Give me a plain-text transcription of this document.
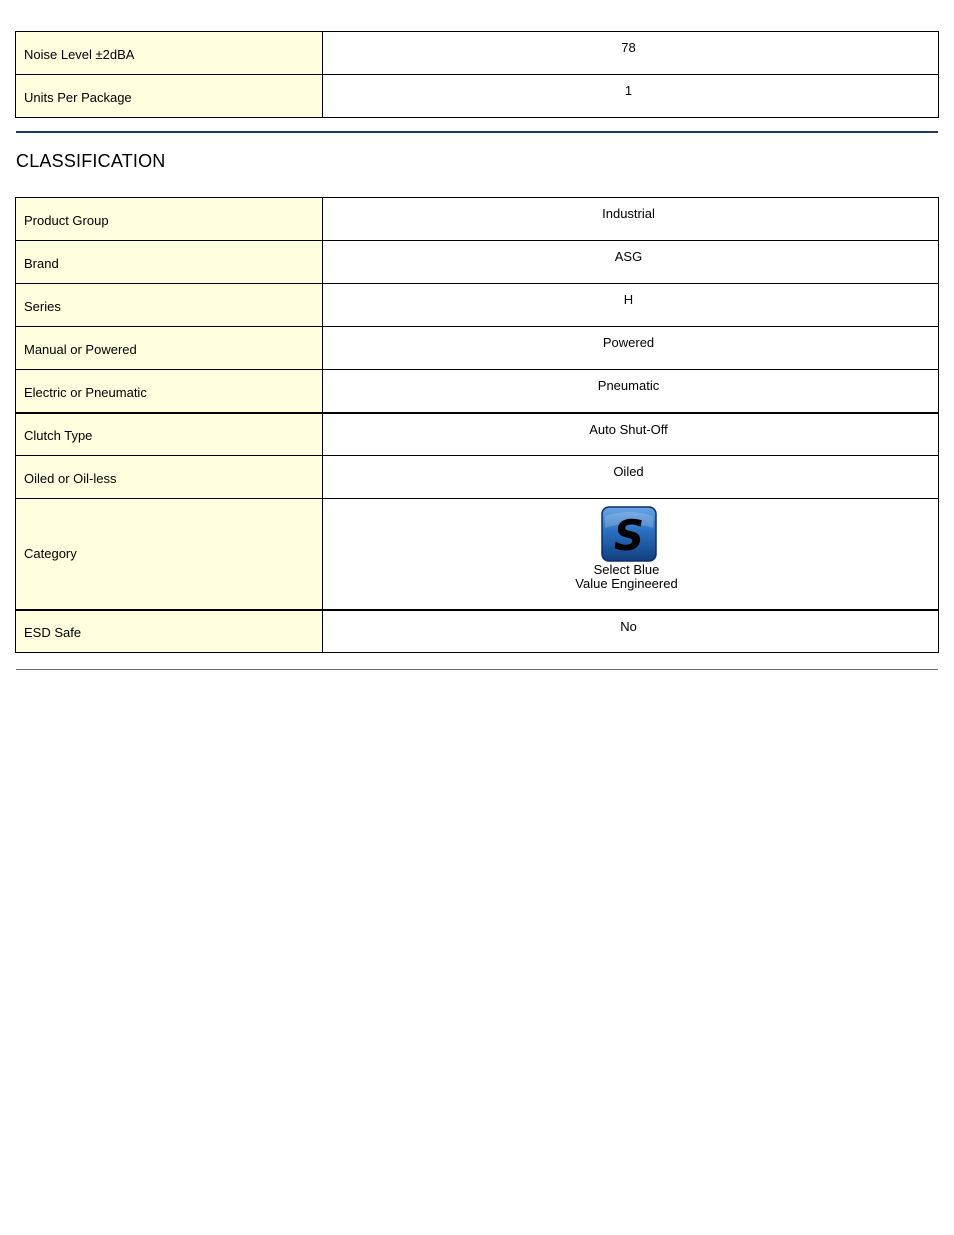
Noise Level ±2dBA	78
Units Per Package	1
CLASSIFICATION
Product Group	Industrial
Brand	ASG
Series	H
Manual or Powered	Powered
Electric or Pneumatic	Pneumatic
Clutch Type	Auto Shut-Off
Oiled or Oil-less	Oiled
Category	S
Select Blue
Value Engineered

ESD Safe	No
